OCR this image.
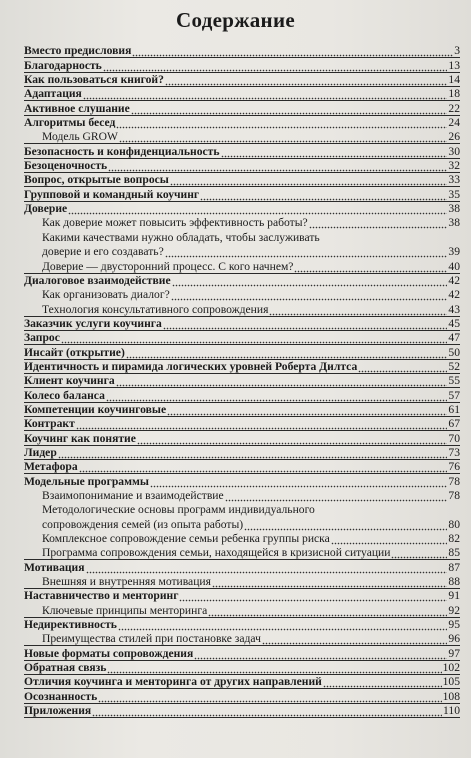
Содержание
Вместо предисловия	3
Благодарность	13
Как пользоваться книгой?	14
Адаптация	18
Активное слушание	22
Алгоритмы бесед	24
Модель GROW	26
Безопасность и конфиденциальность	30
Безоценочность	32
Вопрос, открытые вопросы	33
Групповой и командный коучинг	35
Доверие	38
Как доверие может повысить эффективность работы?	38
Какими качествами нужно обладать, чтобы заслуживать
доверие и его создавать?	39
Доверие — двусторонний процесс. С кого начнем?	40
Диалоговое взаимодействие	42
Как организовать диалог?	42
Технология консультативного сопровождения	43
Заказчик услуги коучинга	45
Запрос	47
Инсайт (открытие)	50
Идентичность и пирамида логических уровней Роберта Дилтса	52
Клиент коучинга	55
Колесо баланса	57
Компетенции коучинговые	61
Контракт	67
Коучинг как понятие	70
Лидер	73
Метафора	76
Модельные программы	78
Взаимопонимание и взаимодействие	78
Методологические основы программ индивидуального
сопровождения семей (из опыта работы)	80
Комплексное сопровождение семьи ребенка группы риска	82
Программа сопровождения семьи, находящейся в кризисной ситуации	85
Мотивация	87
Внешняя и внутренняя мотивация	88
Наставничество и менторинг	91
Ключевые принципы менторинга	92
Недирективность	95
Преимущества стилей при постановке задач	96
Новые форматы сопровождения	97
Обратная связь	102
Отличия коучинга и менторинга от других направлений	105
Осознанность	108
Приложения	110
